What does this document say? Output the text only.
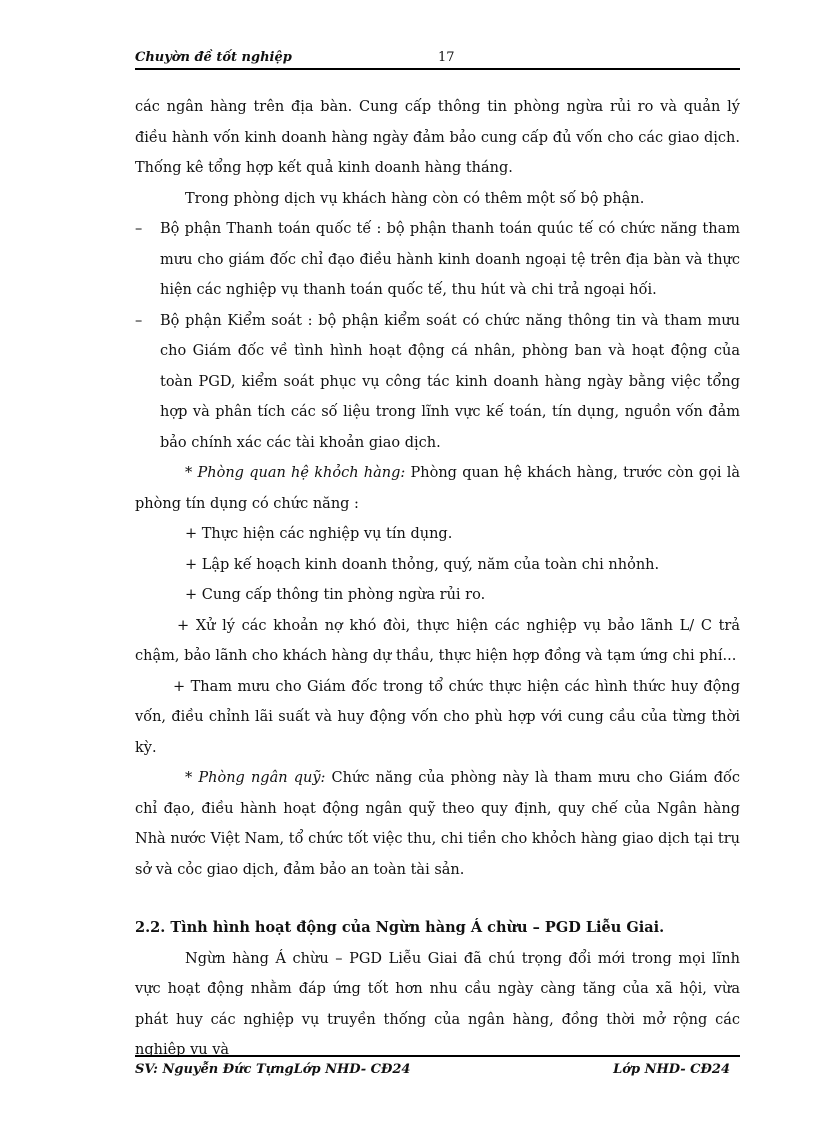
Chuyờn đề tốt nghiệp	17

các ngân hàng trên địa bàn. Cung cấp thông tin phòng ngừa rủi ro và quản lý điều hành vốn kinh doanh hàng ngày đảm bảo cung cấp đủ vốn cho các giao dịch. Thống kê tổng hợp kết quả kinh doanh hàng tháng.

Trong phòng dịch vụ khách hàng còn có thêm một số bộ phận.

– Bộ phận Thanh toán quốc tế : bộ phận thanh toán quúc tế có chức năng tham mưu cho giám đốc chỉ đạo điều hành kinh doanh ngoại tệ trên địa bàn và thực hiện các nghiệp vụ thanh toán quốc tế, thu hút và chi trả ngoại hối.

– Bộ phận Kiểm soát : bộ phận kiểm soát có chức năng thông tin và tham mưu cho Giám đốc về tình hình hoạt động cá nhân, phòng ban và hoạt động của toàn PGD, kiểm soát phục vụ công tác kinh doanh hàng ngày bằng việc tổng hợp và phân tích các số liệu trong lĩnh vực kế toán, tín dụng, nguồn vốn đảm bảo chính xác các tài khoản giao dịch.

* Phòng quan hệ khỏch hàng: Phòng quan hệ khách hàng, trước còn gọi là phòng tín dụng có chức năng :

+ Thực hiện các nghiệp vụ tín dụng.

+ Lập kế hoạch kinh doanh thỏng, quý, năm của toàn chi nhỏnh.

+ Cung cấp thông tin phòng ngừa rủi ro.

+ Xử lý các khoản nợ khó đòi, thực hiện các nghiệp vụ bảo lãnh L/ C trả chậm, bảo lãnh cho khách hàng dự thầu, thực hiện hợp đồng và tạm ứng chi phí...

+ Tham mưu cho Giám đốc trong tổ chức thực hiện các hình thức huy động vốn, điều chỉnh lãi suất và huy động vốn cho phù hợp với cung cầu của từng thời kỳ.

* Phòng ngân quỹ: Chức năng của phòng này là tham mưu cho Giám đốc chỉ đạo, điều hành hoạt động ngân quỹ theo quy định, quy chế của Ngân hàng Nhà nước Việt Nam, tổ chức tốt việc thu, chi tiền cho khỏch hàng giao dịch tại trụ sở và cỏc giao dịch, đảm bảo an toàn tài sản.

2.2. Tình hình hoạt động của Ngừn hàng Á chừu – PGD Liễu Giai.

Ngừn hàng Á chừu – PGD Liễu Giai đã chú trọng đổi mới trong mọi lĩnh vực hoạt động nhằm đáp ứng tốt hơn nhu cầu ngày càng tăng của xã hội, vừa phát huy các nghiệp vụ truyền thống của ngân hàng, đồng thời mở rộng các nghiệp vụ và

SV: Nguyễn Đức TựngLớp NHD- CĐ24	Lớp NHD- CĐ24
